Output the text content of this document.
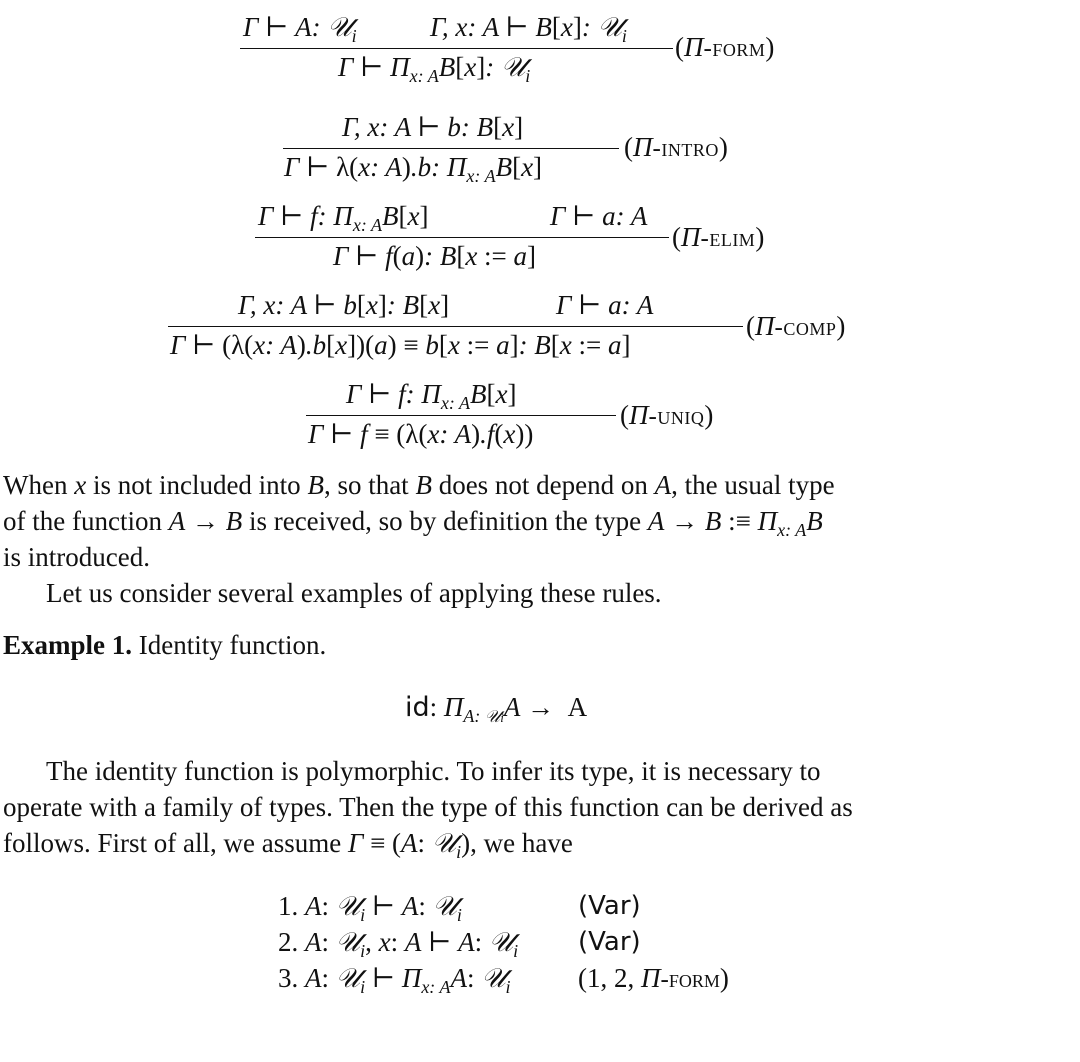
Γ ⊢ A: 𝒰$_i$	Γ, x: A ⊢ B[x]: 𝒰$_i$
Γ ⊢ $\Pi_{x: A}B[x]$: 𝒰$_i$
(Π-form)
Γ, x: A ⊢ b: B[x]
Γ ⊢ λ(x: A).b: $\Pi_{x: A}B[x]$
(Π-intro)
Γ ⊢ f: $\Pi_{x: A}B[x]$	Γ ⊢ a: A
Γ ⊢ f(a): B[x := a]
(Π-elim)
Γ, x: A ⊢ b[x]: B[x]	Γ ⊢ a: A
Γ ⊢ (λ(x: A).b[x])(a) ≡ b[x := a]: B[x := a]
(Π-comp)
Γ ⊢ f: $\Pi_{x: A}B[x]$
Γ ⊢ f ≡ (λ(x: A).f(x))
(Π-uniq)
When x is not included into B, so that B does not depend on A, the usual type
of the function A → B is received, so by definition the type A → B :≡ $\Pi_{x: A}B$
is introduced.
Let us consider several examples of applying these rules.
Example 1. Identity function.
id: $\Pi_{A: 𝒰i}A \to A$
The identity function is polymorphic. To infer its type, it is necessary to
operate with a family of types. Then the type of this function can be derived as
follows. First of all, we assume Γ ≡ (A: 𝒰$_i$), we have
1. A: 𝒰$_i$ ⊢ A: 𝒰$_i$	(Var)
2. A: 𝒰$_i$, x: A ⊢ A: 𝒰$_i$ (Var)
3. A: 𝒰$_i$ ⊢ $\Pi_{x: A}A$: 𝒰$_i$ (1, 2, Π-form)
